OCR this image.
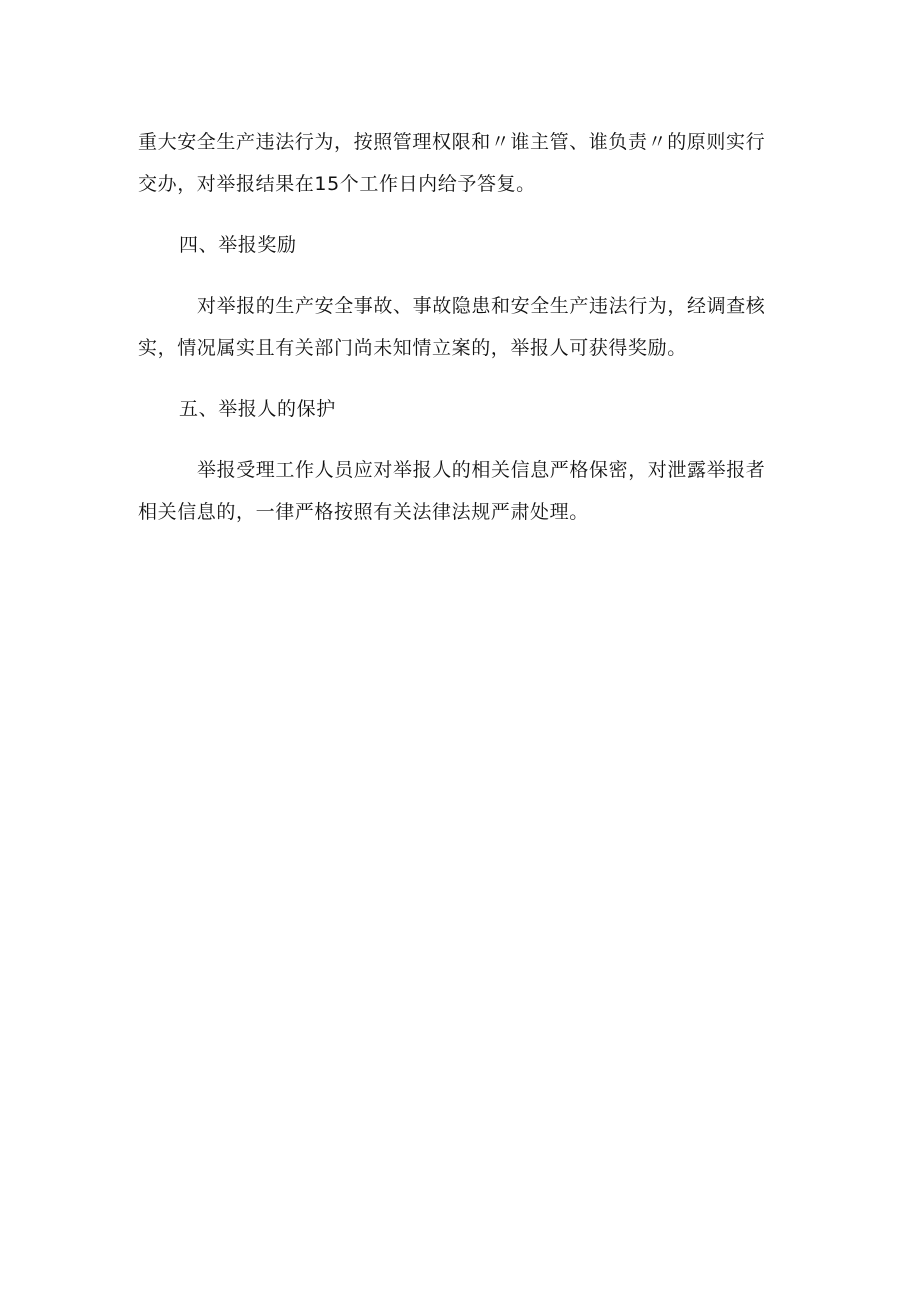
重大安全生产违法行为，按照管理权限和〃谁主管、谁负责〃的原则实行
交办，对举报结果在15个工作日内给予答复。
四、举报奖励
对举报的生产安全事故、事故隐患和安全生产违法行为，经调查核
实，情况属实且有关部门尚未知情立案的，举报人可获得奖励。
五、举报人的保护
举报受理工作人员应对举报人的相关信息严格保密，对泄露举报者
相关信息的，一律严格按照有关法律法规严肃处理。
